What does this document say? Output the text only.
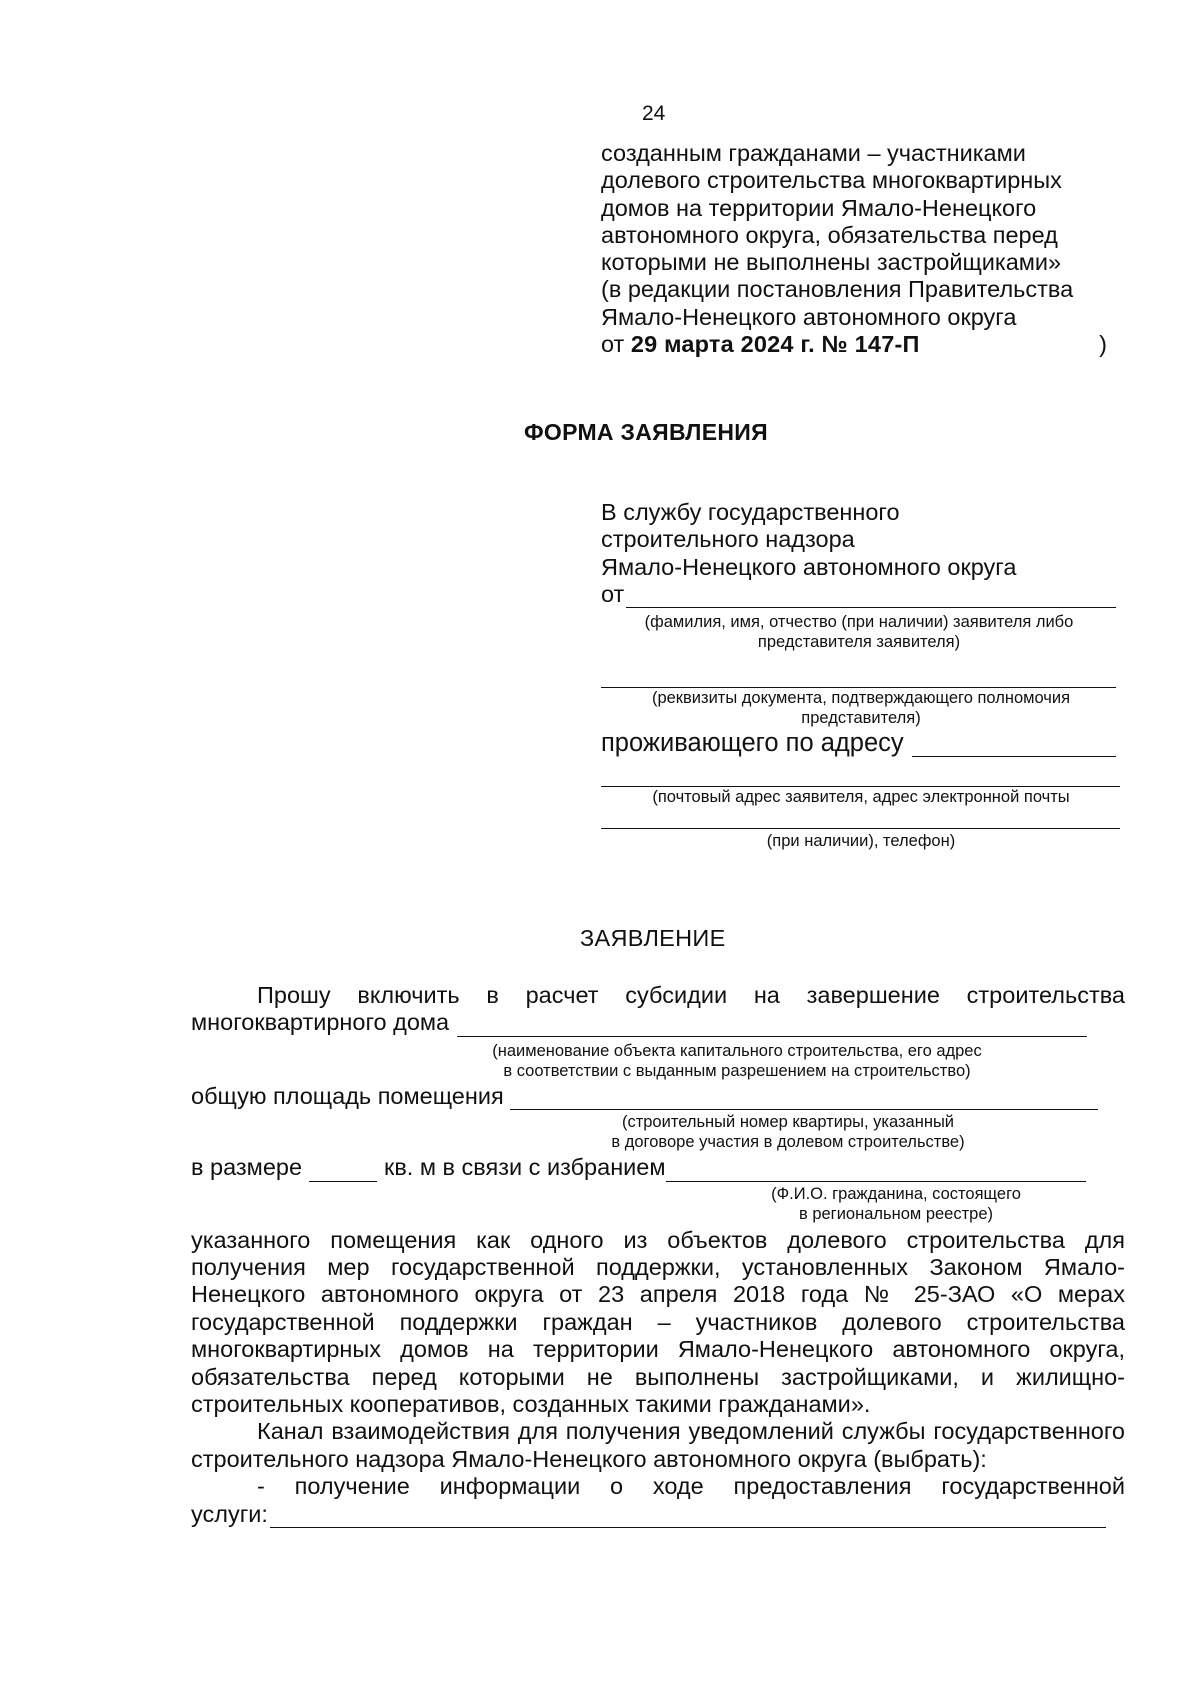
24
созданным гражданами – участниками
долевого строительства многоквартирных
домов на территории Ямало-Ненецкого
автономного округа, обязательства перед
которыми не выполнены застройщиками»
(в редакции постановления Правительства
Ямало-Ненецкого автономного округа
от 29 марта 2024 г. № 147-П	)
ФОРМА ЗАЯВЛЕНИЯ
В службу государственного
строительного надзора
Ямало-Ненецкого автономного округа
от
(фамилия, имя, отчество (при наличии) заявителя либо представителя заявителя)
(реквизиты документа, подтверждающего полномочия представителя)
проживающего по адресу
(почтовый адрес заявителя, адрес электронной почты
(при наличии), телефон)
ЗАЯВЛЕНИЕ
Прошу включить в расчет субсидии на завершение строительства
многоквартирного дома
(наименование объекта капитального строительства, его адрес
в соответствии с выданным разрешением на строительство)
общую площадь помещения
(строительный номер квартиры, указанный
в договоре участия в долевом строительстве)
в размере	кв. м в связи с избранием
(Ф.И.О. гражданина, состоящего
в региональном реестре)
указанного помещения как одного из объектов долевого строительства для получения мер государственной поддержки, установленных Законом Ямало-Ненецкого автономного округа от 23 апреля 2018 года № 25-ЗАО «О мерах государственной поддержки граждан – участников долевого строительства многоквартирных домов на территории Ямало-Ненецкого автономного округа, обязательства перед которыми не выполнены застройщиками, и жилищно-строительных кооперативов, созданных такими гражданами».
Канал взаимодействия для получения уведомлений службы государственного строительного надзора Ямало-Ненецкого автономного округа (выбрать):
- получение информации о ходе предоставления государственной
услуги:
